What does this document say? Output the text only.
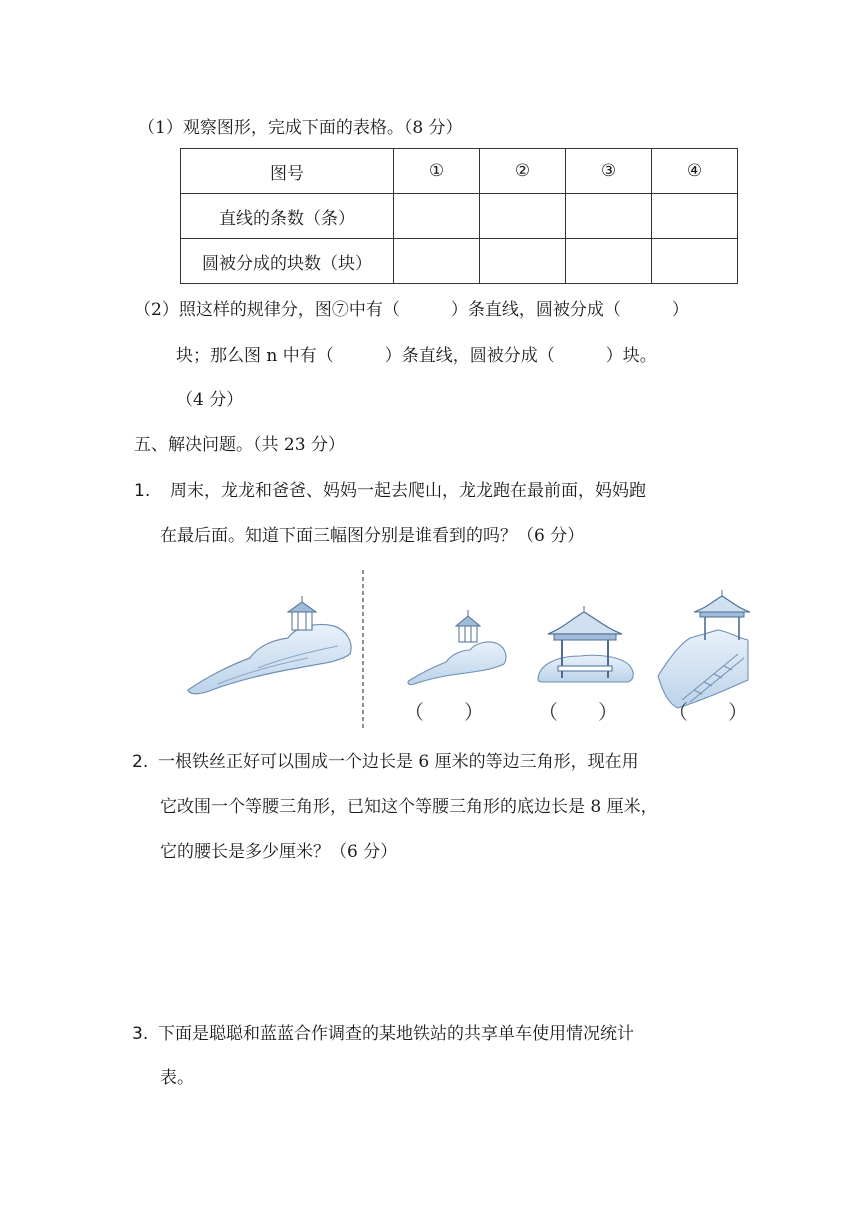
（1）观察图形，完成下面的表格。（8 分）
图号	①	②	③	④
直线的条数（条）				
圆被分成的块数（块）				
（2）照这样的规律分，图⑦中有（　　　）条直线，圆被分成（　　　）
块；那么图 n 中有（　　　）条直线，圆被分成（　　　）块。
（4 分）
五、解决问题。（共 23 分）
1. 周末，龙龙和爸爸、妈妈一起去爬山，龙龙跑在最前面，妈妈跑
在最后面。知道下面三幅图分别是谁看到的吗？（6 分）
（　　）	（　　）	（　　）
2. 一根铁丝正好可以围成一个边长是 6 厘米的等边三角形，现在用
它改围一个等腰三角形，已知这个等腰三角形的底边长是 8 厘米，
它的腰长是多少厘米？（6 分）
3. 下面是聪聪和蓝蓝合作调查的某地铁站的共享单车使用情况统计
表。
